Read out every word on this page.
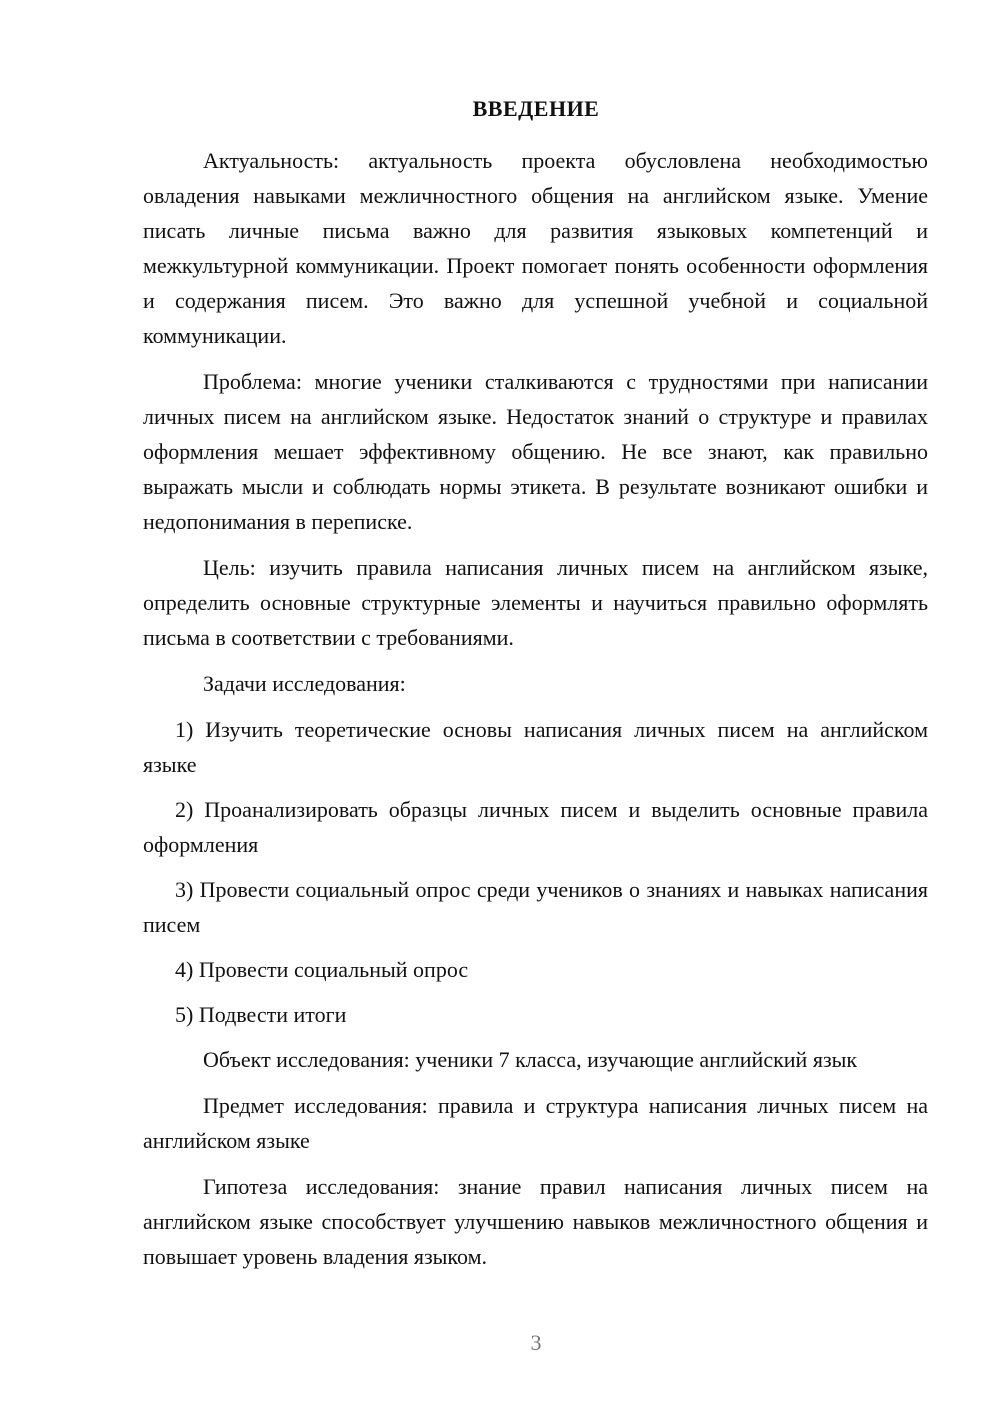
ВВЕДЕНИЕ

Актуальность: актуальность проекта обусловлена необходимостью овладения навыками межличностного общения на английском языке. Умение писать личные письма важно для развития языковых компетенций и межкультурной коммуникации. Проект помогает понять особенности оформления и содержания писем. Это важно для успешной учебной и социальной коммуникации.

Проблема: многие ученики сталкиваются с трудностями при написании личных писем на английском языке. Недостаток знаний о структуре и правилах оформления мешает эффективному общению. Не все знают, как правильно выражать мысли и соблюдать нормы этикета. В результате возникают ошибки и недопонимания в переписке.

Цель: изучить правила написания личных писем на английском языке, определить основные структурные элементы и научиться правильно оформлять письма в соответствии с требованиями.

Задачи исследования:

1) Изучить теоретические основы написания личных писем на английском языке

2) Проанализировать образцы личных писем и выделить основные правила оформления

3) Провести социальный опрос среди учеников о знаниях и навыках написания писем

4) Провести социальный опрос

5) Подвести итоги

Объект исследования: ученики 7 класса, изучающие английский язык

Предмет исследования: правила и структура написания личных писем на английском языке

Гипотеза исследования: знание правил написания личных писем на английском языке способствует улучшению навыков межличностного общения и повышает уровень владения языком.

3
